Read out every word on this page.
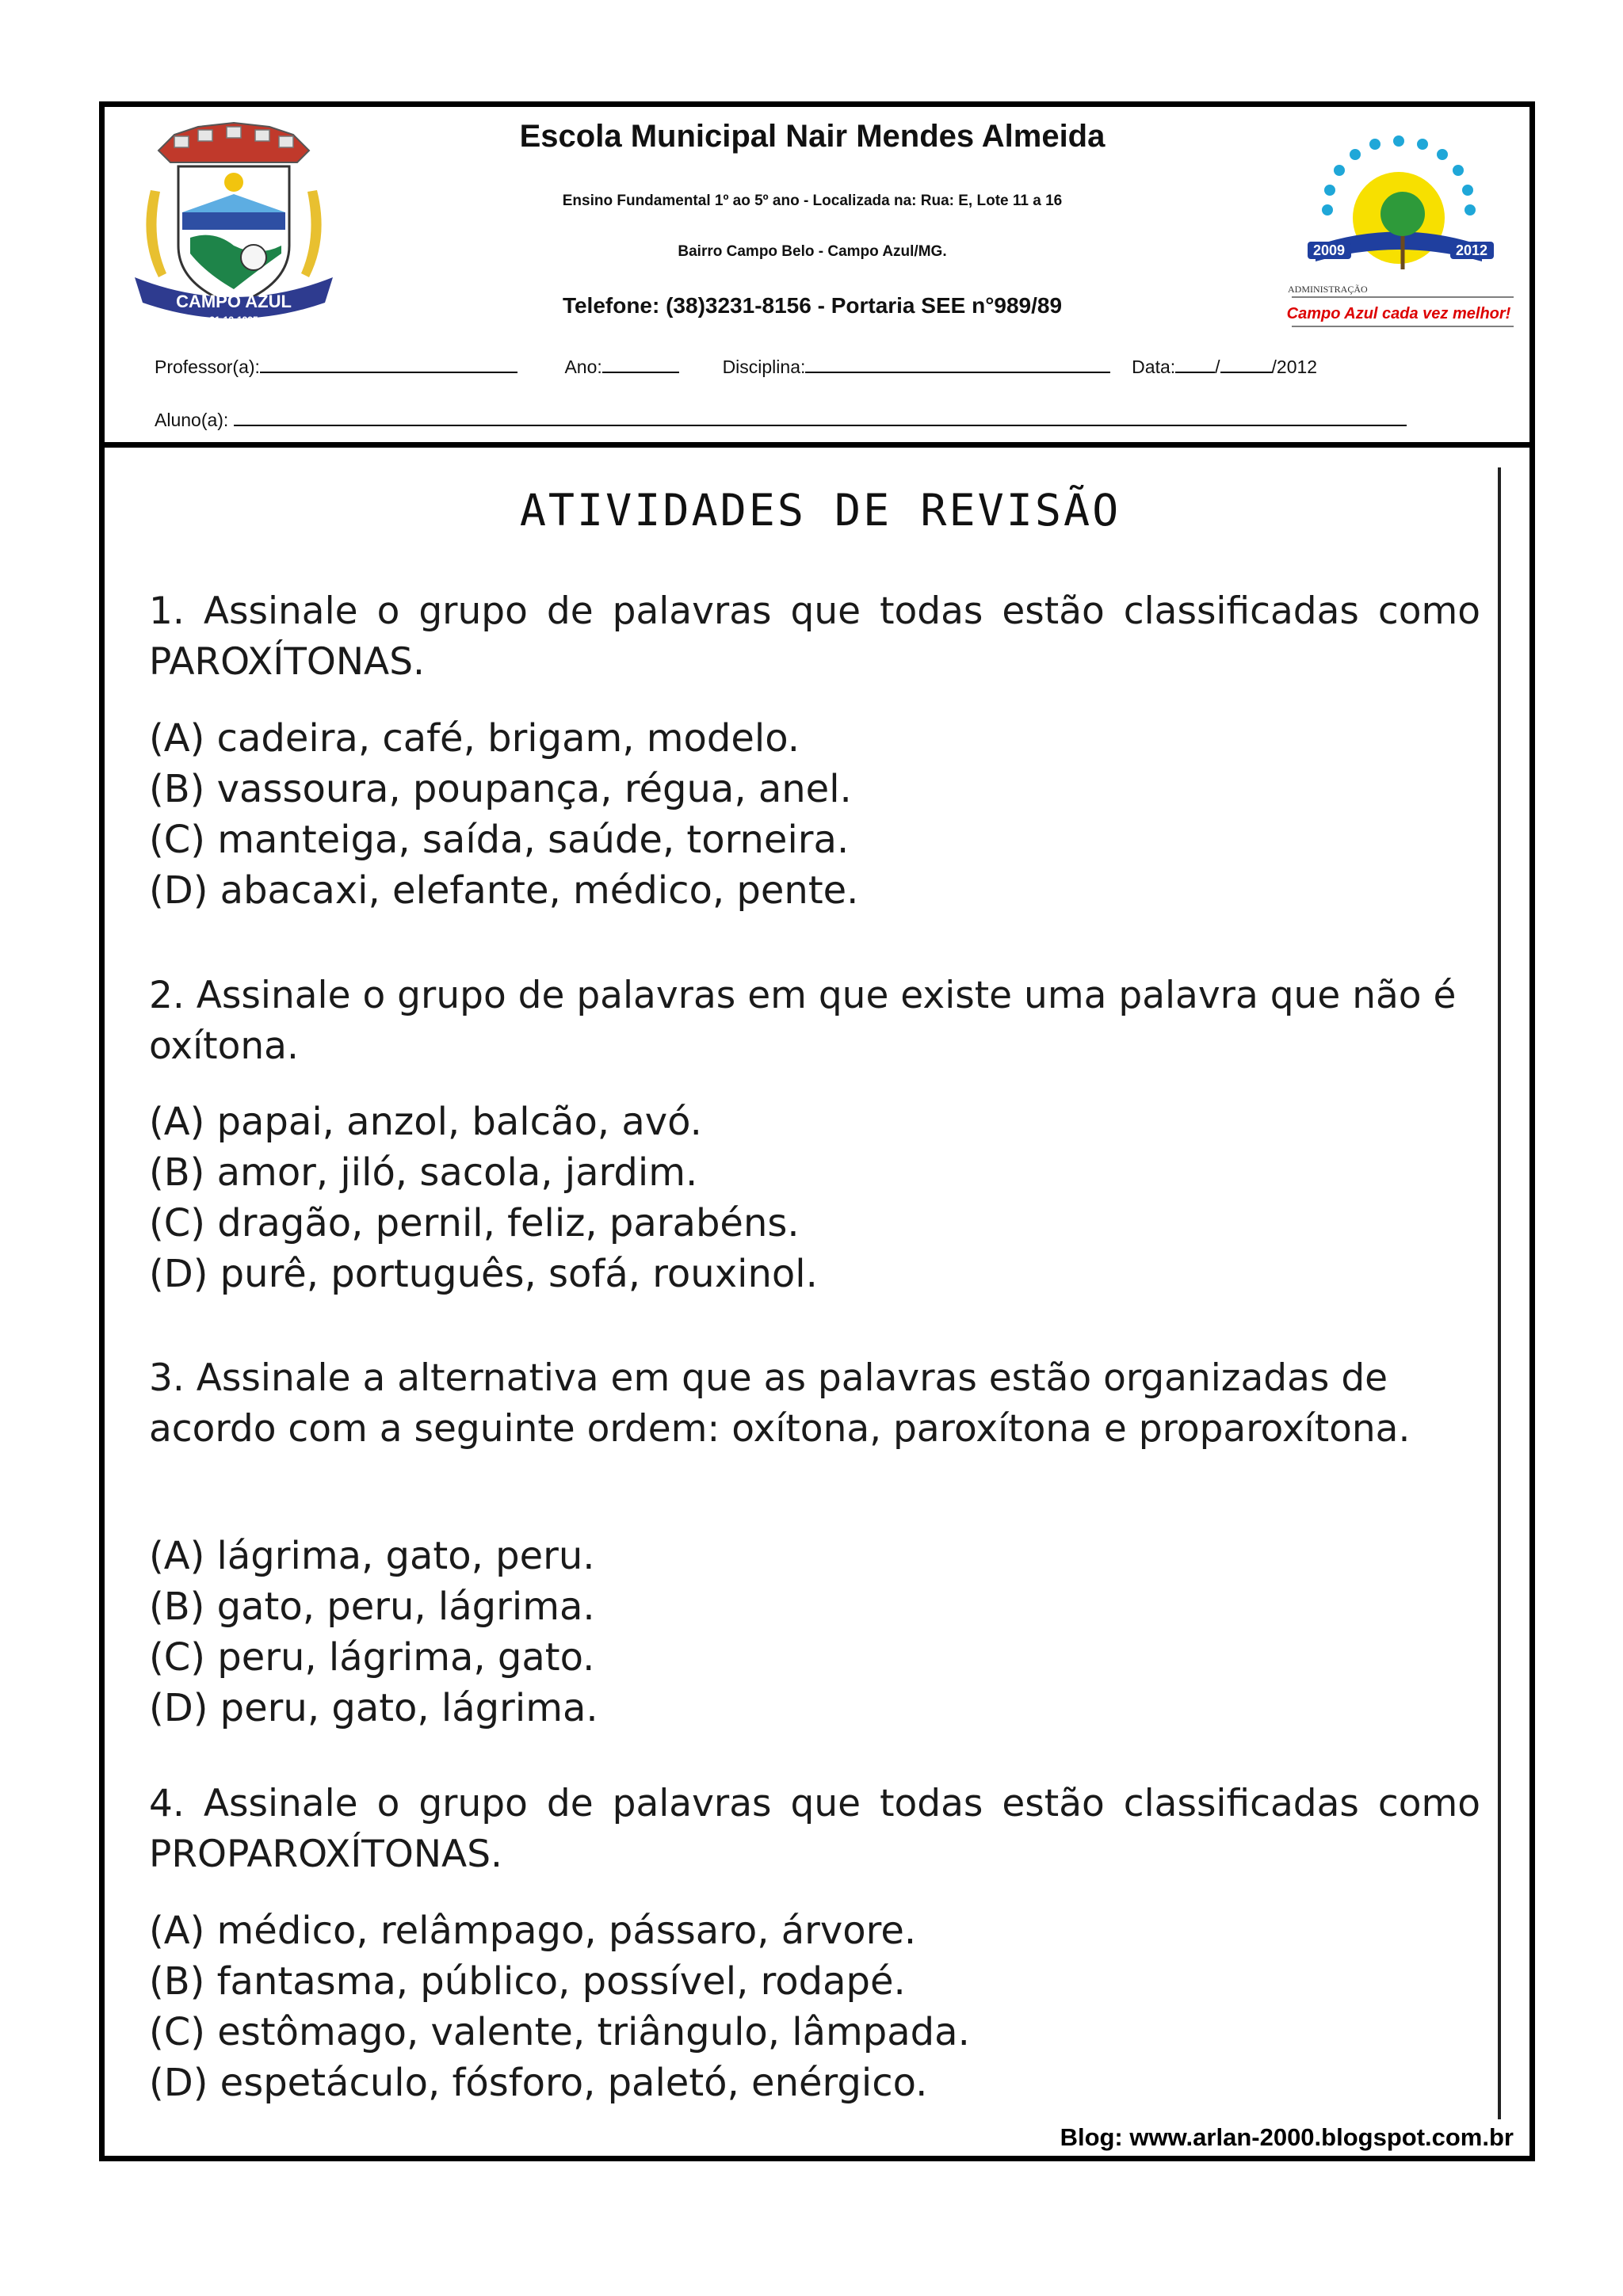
CAMPO AZUL
21-12-1995
2009	2012
ADMINISTRAÇÃO
Campo Azul cada vez melhor!
Escola Municipal Nair Mendes Almeida
Ensino Fundamental 1º ao 5º ano - Localizada na: Rua: E, Lote 11 a 16
Bairro Campo Belo - Campo Azul/MG.
Telefone: (38)3231-8156 - Portaria SEE n°989/89
Professor(a):	Ano:	Disciplina:	Data: /	/2012
Aluno(a):
ATIVIDADES DE REVISÃO
1. Assinale o grupo de palavras que todas estão classificadas como PAROXÍTONAS.
(A) cadeira, café, brigam, modelo.
(B) vassoura, poupança, régua, anel.
(C) manteiga, saída, saúde, torneira.
(D) abacaxi, elefante, médico, pente.
2. Assinale o grupo de palavras em que existe uma palavra que não é oxítona.
(A) papai, anzol, balcão, avó.
(B) amor, jiló, sacola, jardim.
(C) dragão, pernil, feliz, parabéns.
(D) purê, português, sofá, rouxinol.
3. Assinale a alternativa em que as palavras estão organizadas de acordo com a seguinte ordem: oxítona, paroxítona e proparoxítona.
(A) lágrima, gato, peru.
(B) gato, peru, lágrima.
(C) peru, lágrima, gato.
(D) peru, gato, lágrima.
4. Assinale o grupo de palavras que todas estão classificadas como PROPAROXÍTONAS.
(A) médico, relâmpago, pássaro, árvore.
(B) fantasma, público, possível, rodapé.
(C) estômago, valente, triângulo, lâmpada.
(D) espetáculo, fósforo, paletó, enérgico.
Blog: www.arlan-2000.blogspot.com.br
